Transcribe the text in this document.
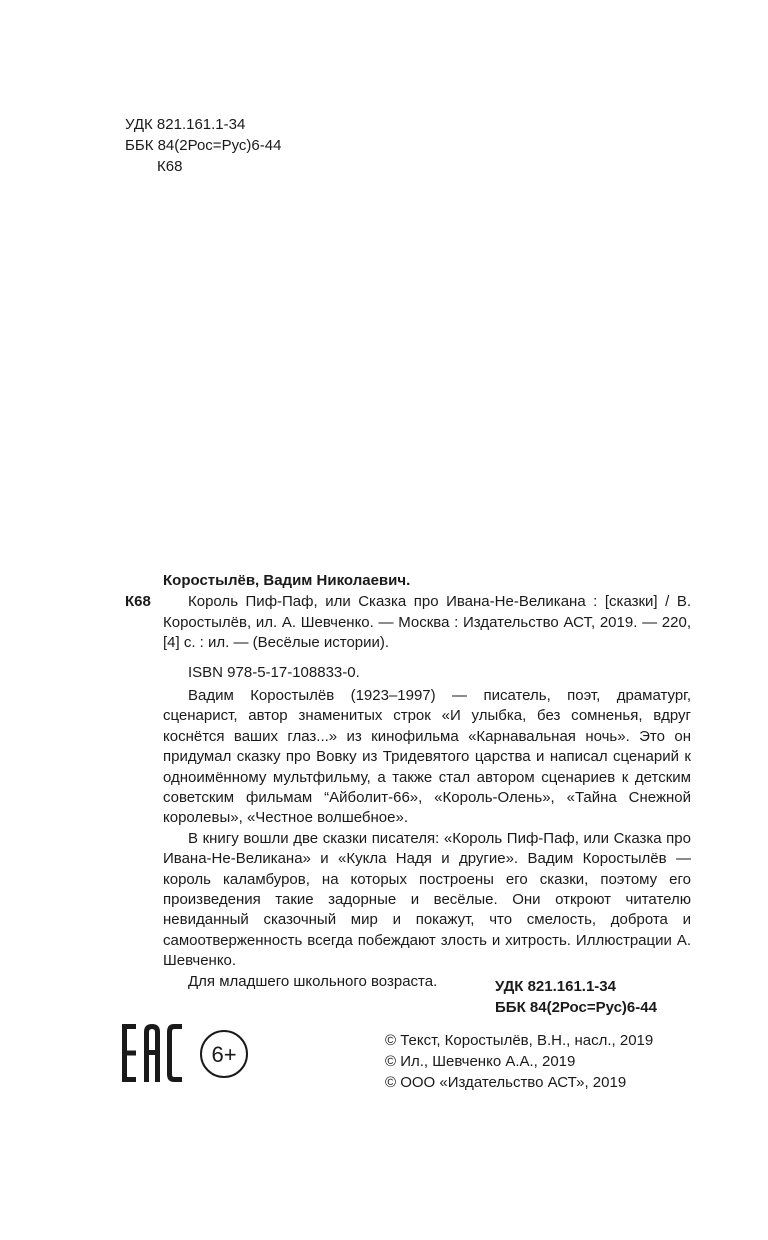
УДК 821.161.1-34
ББК 84(2Рос=Рус)6-44
К68
Коростылёв, Вадим Николаевич.
К68	Король Пиф-Паф, или Сказка про Ивана-Не-Великана : [сказки] / В. Коростылёв, ил. А. Шевченко. — Москва : Издательство АСТ, 2019. — 220,[4] с. : ил. — (Весёлые истории).
ISBN 978-5-17-108833-0.

Вадим Коростылёв (1923–1997) — писатель, поэт, драматург, сценарист, автор знаменитых строк «И улыбка, без сомненья, вдруг коснётся ваших глаз...» из кинофильма «Карнавальная ночь». Это он придумал сказку про Вовку из Тридевятого царства и написал сценарий к одноимённому мультфильму, а также стал автором сценариев к детским советским фильмам “Айболит-66», «Король-Олень», «Тайна Снежной королевы», «Честное волшебное».

В книгу вошли две сказки писателя: «Король Пиф-Паф, или Сказка про Ивана-Не-Великана» и «Кукла Надя и другие». Вадим Коростылёв — король каламбуров, на которых построены его сказки, поэтому его произведения такие задорные и весёлые. Они откроют читателю невиданный сказочный мир и покажут, что смелость, доброта и самоотверженность всегда побеждают злость и хитрость. Иллюстрации А. Шевченко.

Для младшего школьного возраста.	УДК 821.161.1-34
ББК 84(2Рос=Рус)6-44
6+
© Текст, Коростылёв, В.Н., насл., 2019
© Ил., Шевченко А.А., 2019
© ООО «Издательство АСТ», 2019
